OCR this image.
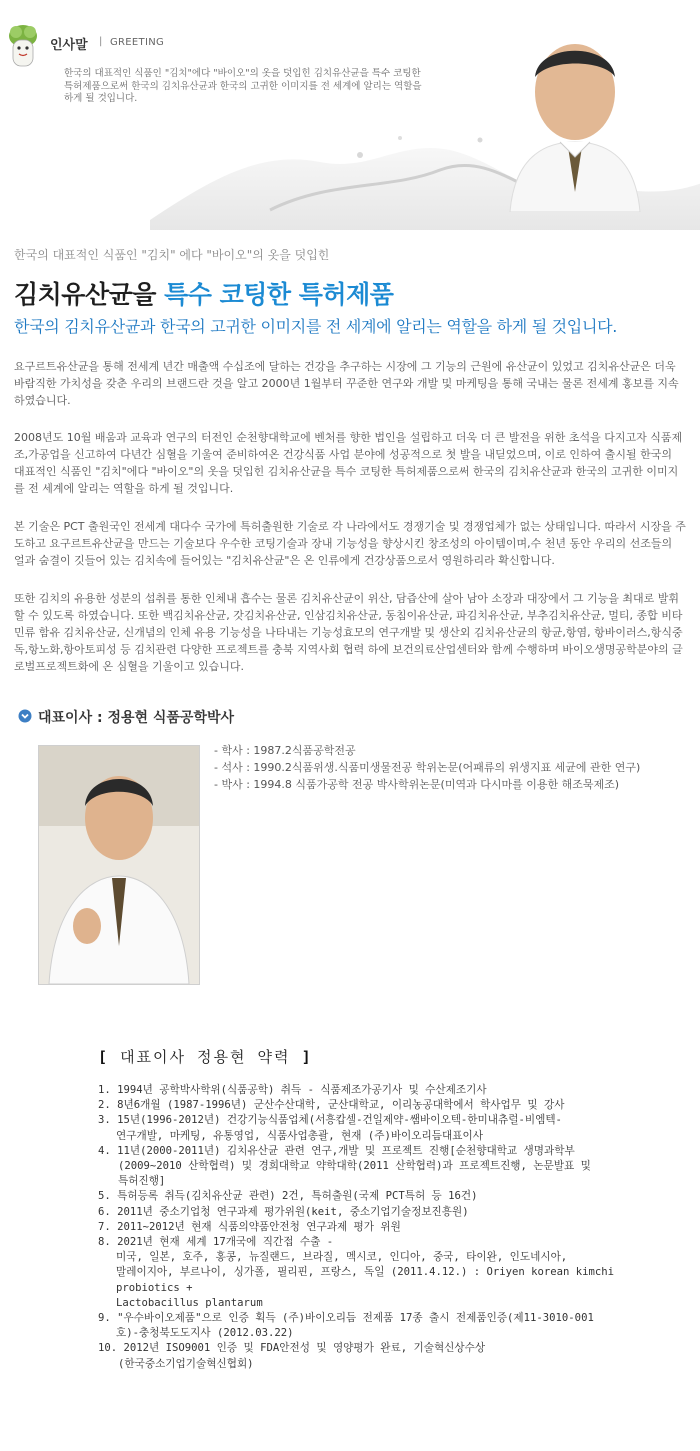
인사말 | GREETING
한국의 대표적인 식품인 "김치"에다 "바이오"의 옷을 덧입힌 김치유산균을 특수 코팅한 특허제품으로써 한국의 김치유산균과 한국의 고귀한 이미지를 전 세계에 알리는 역할을 하게 될 것입니다.
한국의 대표적인 식품인 "김치" 에다 "바이오"의 옷을 덧입힌
김치유산균을 특수 코팅한 특허제품
한국의 김치유산균과 한국의 고귀한 이미지를 전 세계에 알리는 역할을 하게 될 것입니다.
요구르트유산균을 통해 전세계 년간 매출액 수십조에 달하는 건강을 추구하는 시장에 그 기능의 근원에 유산균이 있었고 김치유산균은 더욱 바람직한 가치성을 갖춘 우리의 브랜드란 것을 알고 2000년 1월부터 꾸준한 연구와 개발 및 마케팅을 통해 국내는 물론 전세계 홍보를 지속하였습니다.
2008년도 10월 배움과 교육과 연구의 터전인 순천향대학교에 벤처를 향한 법인을 설립하고 더욱 더 큰 발전을 위한 초석을 다지고자 식품제조,가공업을 신고하여 다년간 심혈을 기울여 준비하여온 건강식품 사업 분야에 성공적으로 첫 발을 내딛었으며, 이로 인하여 출시될 한국의 대표적인 식품인 "김치"에다 "바이오"의 옷을 덧입힌 김치유산균을 특수 코팅한 특허제품으로써 한국의 김치유산균과 한국의 고귀한 이미지를 전 세계에 알리는 역할을 하게 될 것입니다.
본 기술은 PCT 출원국인 전세계 대다수 국가에 특허출원한 기술로 각 나라에서도 경쟁기술 및 경쟁업체가 없는 상태입니다. 따라서 시장을 주도하고 요구르트유산균을 만드는 기술보다 우수한 코팅기술과 장내 기능성을 향상시킨 창조성의 아이템이며,수 천년 동안 우리의 선조들의 얼과 숨결이 깃들어 있는 김치속에 들어있는 "김치유산균"은 온 인류에게 건강상품으로서 영원하리라 확신합니다.
또한 김치의 유용한 성분의 섭취를 통한 인체내 흡수는 물론 김치유산균이 위산, 담즙산에 살아 남아 소장과 대장에서 그 기능을 최대로 발휘할 수 있도록 하였습니다. 또한 백김치유산균, 갓김치유산균, 인삼김치유산균, 동침이유산균, 파김치유산균, 부추김치유산균, 멀티, 종합 비타민류 함유 김치유산균, 신개념의 인체 유용 기능성을 나타내는 기능성효모의 연구개발 및 생산외 김치유산균의 항균,항염, 항바이러스,항식중독,항노화,항아토피성 등 김치관련 다양한 프로젝트를 충북 지역사회 협력 하에 보건의료산업센터와 함께 수행하며 바이오생명공학분야의 글로벌프로젝트화에 온 심혈을 기울이고 있습니다.
대표이사 : 정용현 식품공학박사
- 학사 : 1987.2식품공학전공
- 석사 : 1990.2식품위생.식품미생물전공 학위논문(어패류의 위생지표 세균에 관한 연구)
- 박사 : 1994.8 식품가공학 전공 박사학위논문(미역과 다시마를 이용한 해조묵제조)
[ 대표이사 정용현 약력 ]
1. 1994년 공학박사학위(식품공학) 취득 - 식품제조가공기사 및 수산제조기사
2. 8년6개월 (1987-1996년) 군산수산대학, 군산대학교, 이리농공대학에서 학사업무 및 강사
3. 15년(1996-2012년) 건강기능식품업체(서흥캅셀-건일제약-쌤바이오텍-한미내츄럴-비엠텍-
연구개발, 마케팅, 유통영업, 식품사업총괄, 현재 (주)바이오리듬대표이사
4. 11년(2000-2011년) 김치유산균 관련 연구,개발 및 프로젝트 진행[순천향대학교 생명과학부
(2009~2010 산학협력) 및 경희대학교 약학대학(2011 산학협력)과 프로젝트진행, 논문발표 및
특허진행]
5. 특허등록 취득(김치유산균 관련) 2건, 특허출원(국제 PCT특허 등 16건)
6. 2011년 중소기업청 연구과제 평가위원(keit, 중소기업기술정보진흥원)
7. 2011~2012년 현재 식품의약품안전청 연구과제 평가 위원
8. 2021년 현재 세계 17개국에 직간접 수출 -
미국, 일본, 호주, 홍콩, 뉴질랜드, 브라질, 멕시코, 인디아, 중국, 타이완, 인도네시아,
말레이지아, 부르나이, 싱가폴, 필리핀, 프랑스, 독일 (2011.4.12.) : Oriyen korean kimchi
probiotics +
Lactobacillus plantarum
9. "우수바이오제품"으로 인증 획득 (주)바이오리듬 전제품 17종 출시 전제품인증(제11-3010-001
호)-충청북도도지사 (2012.03.22)
10. 2012년 ISO9001 인증 및 FDA안전성 및 영양평가 완료, 기술혁신상수상
(한국중소기업기술혁신협회)
